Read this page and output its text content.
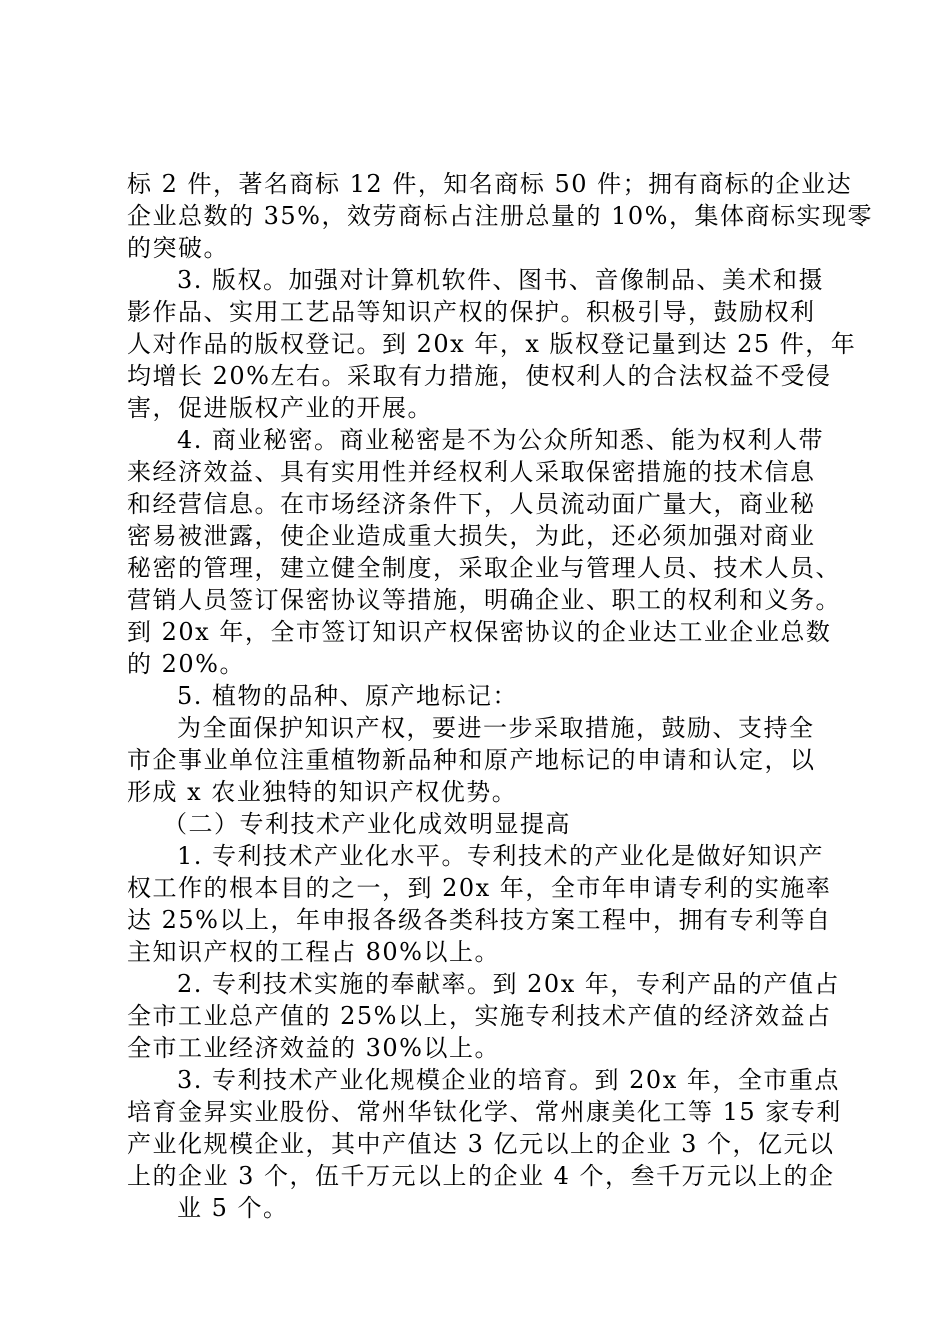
标 2 件，著名商标 12 件，知名商标 50 件；拥有商标的企业达

企业总数的 35%，效劳商标占注册总量的 10%，集体商标实现零

的突破。

3. 版权。加强对计算机软件、图书、音像制品、美术和摄

影作品、实用工艺品等知识产权的保护。积极引导，鼓励权利

人对作品的版权登记。到 20x 年，x 版权登记量到达 25 件，年

均增长 20%左右。采取有力措施，使权利人的合法权益不受侵

害，促进版权产业的开展。

4. 商业秘密。商业秘密是不为公众所知悉、能为权利人带

来经济效益、具有实用性并经权利人采取保密措施的技术信息

和经营信息。在市场经济条件下，人员流动面广量大，商业秘

密易被泄露，使企业造成重大损失，为此，还必须加强对商业

秘密的管理，建立健全制度，采取企业与管理人员、技术人员、

营销人员签订保密协议等措施，明确企业、职工的权利和义务。

到 20x 年，全市签订知识产权保密协议的企业达工业企业总数

的 20%。

5. 植物的品种、原产地标记：

为全面保护知识产权，要进一步采取措施，鼓励、支持全

市企事业单位注重植物新品种和原产地标记的申请和认定，以

形成 x 农业独特的知识产权优势。

（二）专利技术产业化成效明显提高

1. 专利技术产业化水平。专利技术的产业化是做好知识产

权工作的根本目的之一，到 20x 年，全市年申请专利的实施率

达 25%以上，年申报各级各类科技方案工程中，拥有专利等自

主知识产权的工程占 80%以上。

2. 专利技术实施的奉献率。到 20x 年，专利产品的产值占

全市工业总产值的 25%以上，实施专利技术产值的经济效益占

全市工业经济效益的 30%以上。

3. 专利技术产业化规模企业的培育。到 20x 年，全市重点

培育金昇实业股份、常州华钛化学、常州康美化工等 15 家专利

产业化规模企业，其中产值达 3 亿元以上的企业 3 个，亿元以

上的企业 3 个，伍千万元以上的企业 4 个，叁千万元以上的企

业 5 个。
